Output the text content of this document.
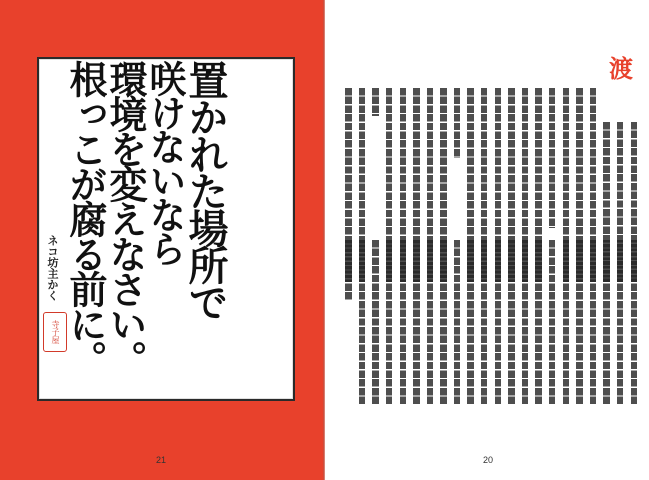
置かれた場所で
咲けないなら
環境を変えなさい。
根っこが腐る前に。
ネコ坊主かく
寺子屋
21	20
渡
